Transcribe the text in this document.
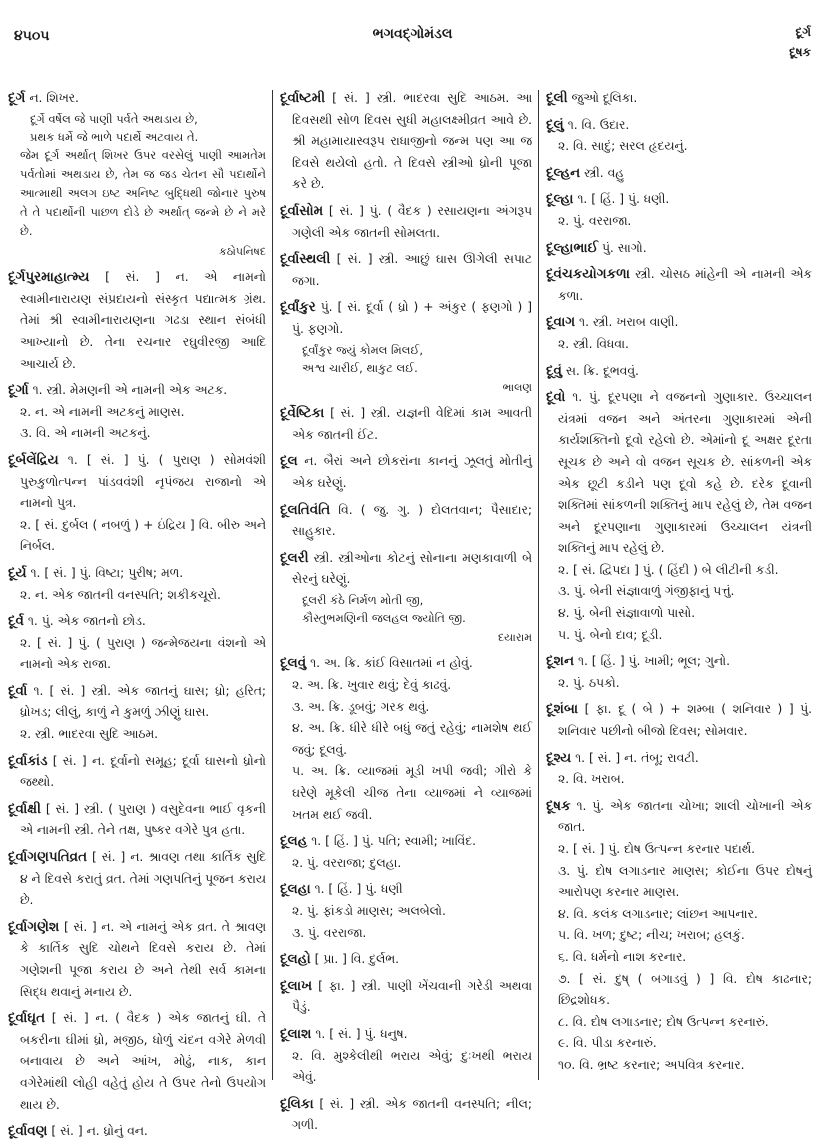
૪૫૦૫	ભગવદ્ગોમંડલ	દૂર્ગ
દૂષક
દૂર્ગ ન. શિખર.
દૂર્ગે વર્ષેલ જે પાણી પર્વતે અથડાય છે,
પ્રથક ધર્મે જે ભાળે પદાર્થે અટવાય તે.
જેમ દૂર્ગ અર્થાત્ શિખર ઉપર વરસેલું પાણી આમતેમ પર્વતોમાં અથડાય છે, તેમ જ જડ ચેતન સૌ પદાર્થોને આત્માથી અલગ ઇષ્ટ અનિષ્ટ બુદ્ધિથી જોનાર પુરુષ તે તે પદાર્થોની પાછળ દોડે છે અર્થાત્ જન્મે છે ને મરે છે.
કઠોપનિષદ
દૂર્ગપુરમાહાત્મ્ય [ સં. ] ન. એ નામનો સ્વામીનારાયણ સંપ્રદાયનો સંસ્કૃત પદ્યાત્મક ગ્રંથ. તેમાં શ્રી સ્વામીનારાયણના ગઢડા સ્થાન સંબંધી આખ્યાનો છે. તેના રચનાર રઘુવીરજી આદિ આચાર્ય છે.
દૂર્ગા ૧. સ્ત્રી. મેમણની એ નામની એક અટક.
૨. ન. એ નામની અટકનું માણસ.
૩. વિ. એ નામની અટકનું.
દૂર્બલેંદ્રિય ૧. [ સં. ] પું. ( પુરાણ ) સોમવંશી પુરુકુળોત્પન્ન પાંડવવંશી નૃપંજય રાજાનો એ નામનો પુત્ર.
૨. [ સં. દુર્બલ ( નબળું ) + ઇંદ્રિય ] વિ. બીરુ અને નિર્બલ.
દૂર્ય ૧. [ સં. ] પું. વિષ્ટા; પુરીષ; મળ.
૨. ન. એક જાતની વનસ્પતિ; શકીકચૂરો.
દૂર્વ ૧. પું. એક જાતનો છોડ.
૨. [ સં. ] પું. ( પુરાણ ) જન્મેજયના વંશનો એ નામનો એક રાજા.
દૂર્વા ૧. [ સં. ] સ્ત્રી. એક જાતનું ઘાસ; ધ્રો; હરિત; ધ્રોખડ; લીલું, કાળું ને કુમળું ઝીણું ઘાસ.
૨. સ્ત્રી. ભાદરવા સુદિ આઠમ.
દૂર્વાકાંડ [ સં. ] ન. દૂર્વાનો સમૂહ; દૂર્વા ઘાસનો ધ્રોનો જથ્થો.
દૂર્વાક્ષી [ સં. ] સ્ત્રી. ( પુરાણ ) વસુદેવના ભાઈ વૃકની એ નામની સ્ત્રી. તેને તક્ષ, પુષ્કર વગેરે પુત્ર હતા.
દૂર્વાગણપતિવ્રત [ સં. ] ન. શ્રાવણ તથા કાર્તિક સુદિ ૪ ને દિવસે કરાતું વ્રત. તેમાં ગણપતિનું પૂજન કરાય છે.
દૂર્વાગણેશ [ સં. ] ન. એ નામનું એક વ્રત. તે શ્રાવણ કે કાર્તિક સુદિ ચોથને દિવસે કરાય છે. તેમાં ગણેશની પૂજા કરાય છે અને તેથી સર્વ કામના સિદ્ધ થવાનું મનાય છે.
દૂર્વાઘૃત [ સં. ] ન. ( વૈદક ) એક જાતનું ઘી. તે બકરીના ઘીમાં ધ્રો, મજીઠ, ધોળું ચંદન વગેરે મેળવી બનાવાય છે અને આંખ, મોઢું, નાક, કાન વગેરેમાંથી લોહી વહેતું હોય તે ઉપર તેનો ઉપયોગ થાય છે.
દૂર્વાવણ [ સં. ] ન. ધ્રોનું વન.
દૂર્વાષ્ટમી [ સં. ] સ્ત્રી. ભાદરવા સુદિ આઠમ. આ દિવસથી સોળ દિવસ સુધી મહાલક્ષ્મીવ્રત આવે છે. શ્રી મહામાયાસ્વરૂપ રાધાજીનો જન્મ પણ આ જ દિવસે થયેલો હતો. તે દિવસે સ્ત્રીઓ ધ્રોની પૂજા કરે છે.
દૂર્વાસોમ [ સં. ] પું. ( વૈદક ) રસાયણના અંગરૂપ ગણેલી એક જાતની સોમલતા.
દૂર્વાસ્થલી [ સં. ] સ્ત્રી. આછું ઘાસ ઊગેલી સપાટ જગા.
દૂર્વાંકુર પું. [ સં. દૂર્વા ( ધ્રો ) + અંકુર ( ફણગો ) ] પું. ફણગો.
દૂર્વાંકુર જ્યું કોમલ મિલઈ,
અશ્વ ચારીઈ, થાકુટ લઈ.
ભાલણ
દૂર્વેષ્ટિકા [ સં. ] સ્ત્રી. યજ્ઞની વેદિમાં કામ આવતી એક જાતની ઈંટ.
દૂલ ન. બૈરાં અને છોકરાંના કાનનું ઝૂલતું મોતીનું એક ઘરેણું.
દૂલતિવંતિ વિ. ( જુ. ગુ. ) દોલતવાન; પૈસાદાર; સાહુકાર.
દૂલરી સ્ત્રી. સ્ત્રીઓના કોટનું સોનાના મણકાવાળી બે સેરનું ઘરેણું.
દૂલરી કંઠે નિર્મળ મોતી જી,
કૌસ્તુભમણિની જલહલ જ્યોતિ જી.
દયારામ
દૂલવું ૧. અ. ક્રિ. કાંઈ વિસાતમાં ન હોવું.
૨. અ. ક્રિ. ખુવાર થવું; દેવું કાઢવું.
૩. અ. ક્રિ. ડૂબવું; ગરક થવું.
૪. અ. ક્રિ. ધીરે ધીરે બધું જતું રહેવું; નામશેષ થઈ જવું; દૂલવું.
૫. અ. ક્રિ. વ્યાજમાં મૂડી ખપી જવી; ગીરો કે ઘરેણે મૂકેલી ચીજ તેના વ્યાજમાં ને વ્યાજમાં ખતમ થઈ જવી.
દૂલહ ૧. [ હિં. ] પું. પતિ; સ્વામી; ખાવિંદ.
૨. પું. વરરાજા; દુલહા.
દૂલહા ૧. [ હિં. ] પું. ધણી
૨. પું. ફાંકડો માણસ; અલબેલો.
૩. પું. વરરાજા.
દૂલહો [ પ્રા. ] વિ. દુર્લભ.
દૂલાખ [ ફા. ] સ્ત્રી. પાણી ખેંચવાની ગરેડી અથવા પૈડું.
દૂલાશ ૧. [ સં. ] પું. ધનુષ.
૨. વિ. મુશ્કેલીથી ભરાય એવું; દુઃખથી ભરાય એવું.
દૂલિકા [ સં. ] સ્ત્રી. એક જાતની વનસ્પતિ; નીલ; ગળી.
દૂલી જુઓ દૂલિકા.
દૂલું ૧. વિ. ઉદાર.
૨. વિ. સાદું; સરલ હૃદયનું.
દૂલ્હન સ્ત્રી. વહુ
દૂલ્હા ૧. [ હિં. ] પું. ધણી.
૨. પું. વરરાજા.
દૂલ્હાભાઈ પું. સાગો.
દૂવંચકયોગકળા સ્ત્રી. ચોસઠ માંહેની એ નામની એક કળા.
દૂવાગ ૧. સ્ત્રી. ખરાબ વાણી.
૨. સ્ત્રી. વિધવા.
દૂવું સ. ક્રિ. દૂભવવું.
દૂવો ૧. પું. દૂરપણા ને વજનનો ગુણાકાર. ઉચ્ચાલન યંત્રમાં વજન અને અંતરના ગુણાકારમાં એની કાર્યશક્તિનો દૂવો રહેલો છે. એમાંનો દૂ અક્ષર દૂરતા સૂચક છે અને વો વજન સૂચક છે. સાંકળની એક એક છૂટી કડીને પણ દૂવો કહે છે. દરેક દૂવાની શક્તિમાં સાંકળની શક્તિનું માપ રહેલું છે, તેમ વજન અને દૂરપણાના ગુણાકારમાં ઉચ્ચાલન યંત્રની શક્તિનું માપ રહેલું છે.
૨. [ સં. દ્વિપદા ] પું. ( હિંદી ) બે લીટીની કડી.
૩. પું. બેની સંજ્ઞાવાળું ગંજીફાનું પત્તું.
૪. પું. બેની સંજ્ઞાવાળો પાસો.
૫. પું. બેનો દાવ; દૂડી.
દૂશન ૧. [ હિં. ] પું. ખામી; ભૂલ; ગુનો.
૨. પું. ઠપકો.
દૂશંબા [ ફા. દૂ ( બે ) + શમ્બા ( શનિવાર ) ] પું. શનિવાર પછીનો બીજો દિવસ; સોમવાર.
દૂશ્ય ૧. [ સં. ] ન. તંબૂ; રાવટી.
૨. વિ. ખરાબ.
દૂષક ૧. પું. એક જાતના ચોખા; શાલી ચોખાની એક જાત.
૨. [ સં. ] પું. દોષ ઉત્પન્ન કરનાર પદાર્થ.
૩. પું. દોષ લગાડનાર માણસ; કોઈના ઉપર દોષનું આરોપણ કરનાર માણસ.
૪. વિ. કલંક લગાડનાર; લાંછન આપનાર.
૫. વિ. ખળ; દુષ્ટ; નીચ; ખરાબ; હલકું.
૬. વિ. ધર્મનો નાશ કરનાર.
૭. [ સં. દુષ્ ( બગાડવું ) ] વિ. દોષ કાઢનાર; છિદ્રશોધક.
૮. વિ. દોષ લગાડનાર; દોષ ઉત્પન્ન કરનારું.
૯. વિ. પીડા કરનારું.
૧૦. વિ. ભ્રષ્ટ કરનાર; અપવિત્ર કરનાર.
